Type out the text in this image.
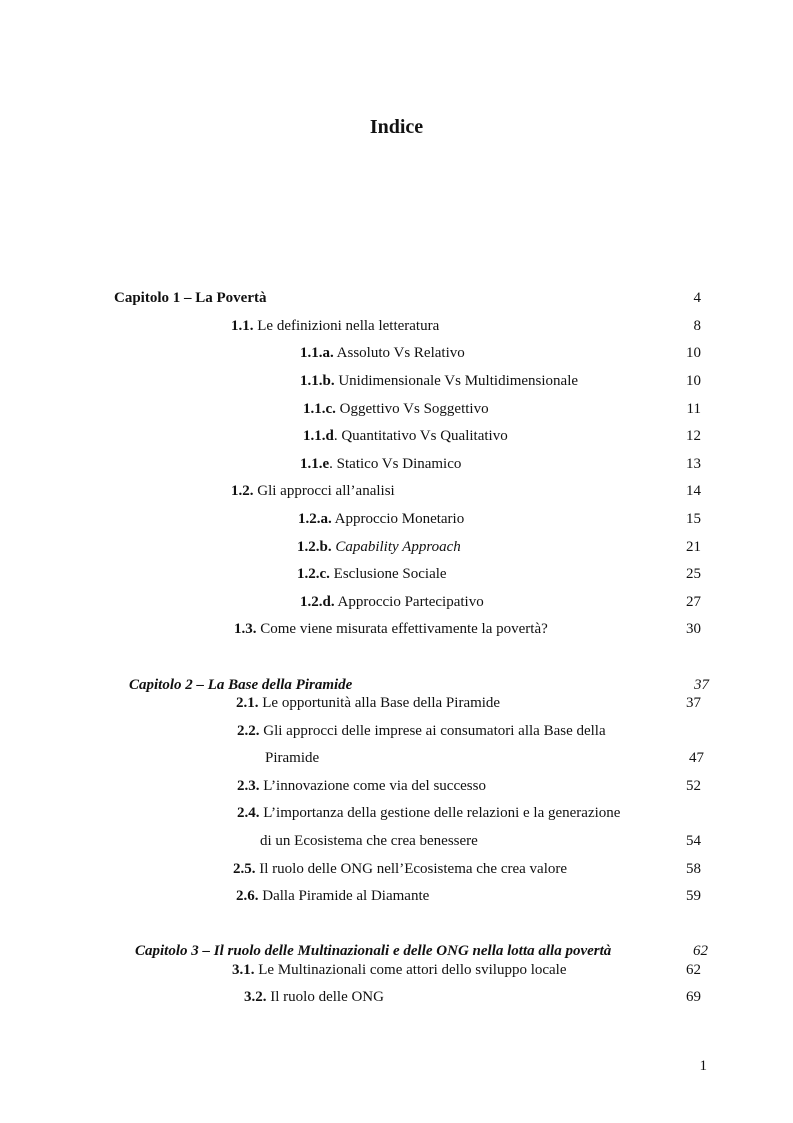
Indice
Capitolo 1 – La Povertà	4
1.1. Le definizioni nella letteratura	8
1.1.a. Assoluto Vs Relativo	10
1.1.b. Unidimensionale Vs Multidimensionale	10
1.1.c. Oggettivo Vs Soggettivo	11
1.1.d. Quantitativo Vs Qualitativo	12
1.1.e. Statico Vs Dinamico	13
1.2. Gli approcci all’analisi	14
1.2.a. Approccio Monetario	15
1.2.b. Capability Approach	21
1.2.c. Esclusione Sociale	25
1.2.d. Approccio Partecipativo	27
1.3. Come viene misurata effettivamente la povertà?	30
Capitolo 2 – La Base della Piramide	37
2.1. Le opportunità alla Base della Piramide	37
2.2. Gli approcci delle imprese ai consumatori alla Base della
Piramide	47
2.3. L’innovazione come via del successo	52
2.4. L’importanza della gestione delle relazioni e la generazione
di un Ecosistema che crea benessere	54
2.5. Il ruolo delle ONG nell’Ecosistema che crea valore	58
2.6. Dalla Piramide al Diamante	59
Capitolo 3 – Il ruolo delle Multinazionali e delle ONG nella lotta alla povertà	62
3.1. Le Multinazionali come attori dello sviluppo locale	62
3.2. Il ruolo delle ONG	69
1
